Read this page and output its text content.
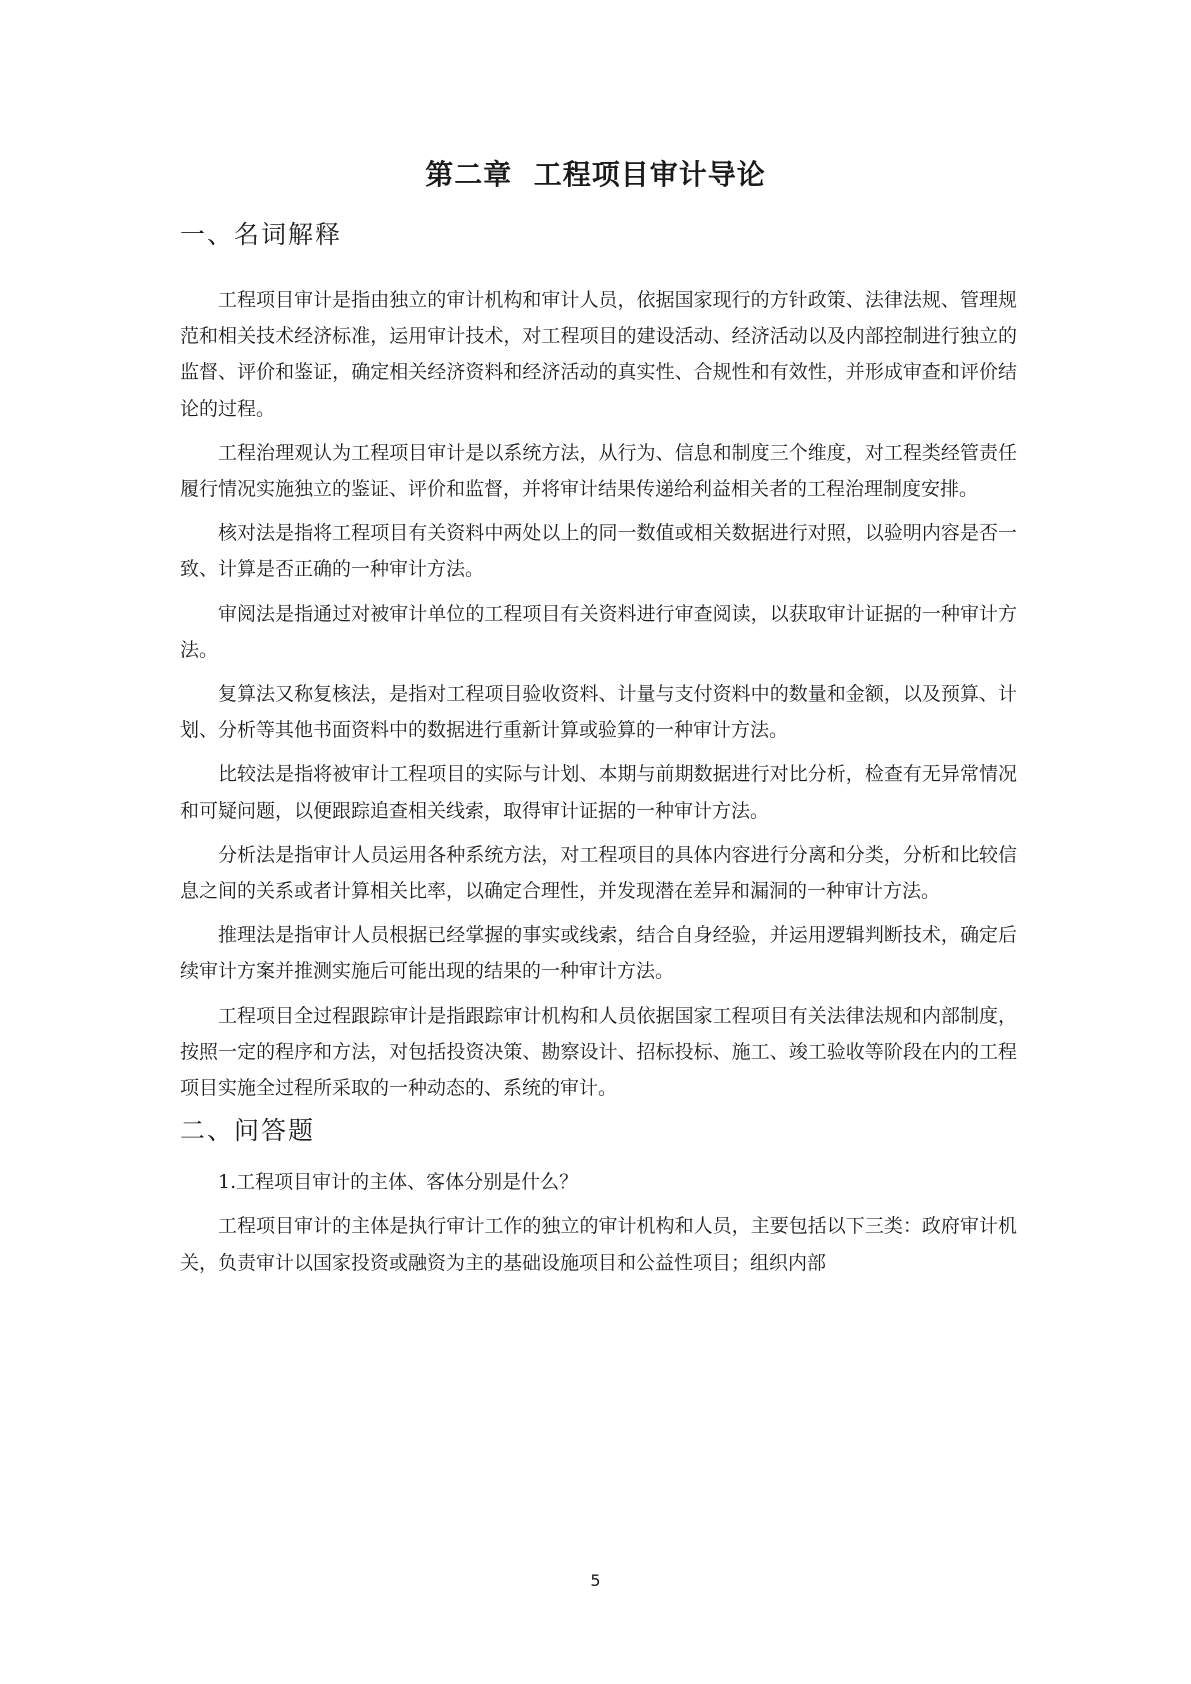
第二章  工程项目审计导论
一、名词解释

工程项目审计是指由独立的审计机构和审计人员，依据国家现行的方针政策、法律法规、管理规范和相关技术经济标准，运用审计技术，对工程项目的建设活动、经济活动以及内部控制进行独立的监督、评价和鉴证，确定相关经济资料和经济活动的真实性、合规性和有效性，并形成审查和评价结论的过程。

工程治理观认为工程项目审计是以系统方法，从行为、信息和制度三个维度，对工程类经管责任履行情况实施独立的鉴证、评价和监督，并将审计结果传递给利益相关者的工程治理制度安排。

核对法是指将工程项目有关资料中两处以上的同一数值或相关数据进行对照，以验明内容是否一致、计算是否正确的一种审计方法。

审阅法是指通过对被审计单位的工程项目有关资料进行审查阅读，以获取审计证据的一种审计方法。

复算法又称复核法，是指对工程项目验收资料、计量与支付资料中的数量和金额，以及预算、计划、分析等其他书面资料中的数据进行重新计算或验算的一种审计方法。

比较法是指将被审计工程项目的实际与计划、本期与前期数据进行对比分析，检查有无异常情况和可疑问题，以便跟踪追查相关线索，取得审计证据的一种审计方法。

分析法是指审计人员运用各种系统方法，对工程项目的具体内容进行分离和分类，分析和比较信息之间的关系或者计算相关比率，以确定合理性，并发现潜在差异和漏洞的一种审计方法。

推理法是指审计人员根据已经掌握的事实或线索，结合自身经验，并运用逻辑判断技术，确定后续审计方案并推测实施后可能出现的结果的一种审计方法。

工程项目全过程跟踪审计是指跟踪审计机构和人员依据国家工程项目有关法律法规和内部制度，按照一定的程序和方法，对包括投资决策、勘察设计、招标投标、施工、竣工验收等阶段在内的工程项目实施全过程所采取的一种动态的、系统的审计。

二、问答题

1.工程项目审计的主体、客体分别是什么？

工程项目审计的主体是执行审计工作的独立的审计机构和人员，主要包括以下三类：政府审计机关，负责审计以国家投资或融资为主的基础设施项目和公益性项目；组织内部

5
